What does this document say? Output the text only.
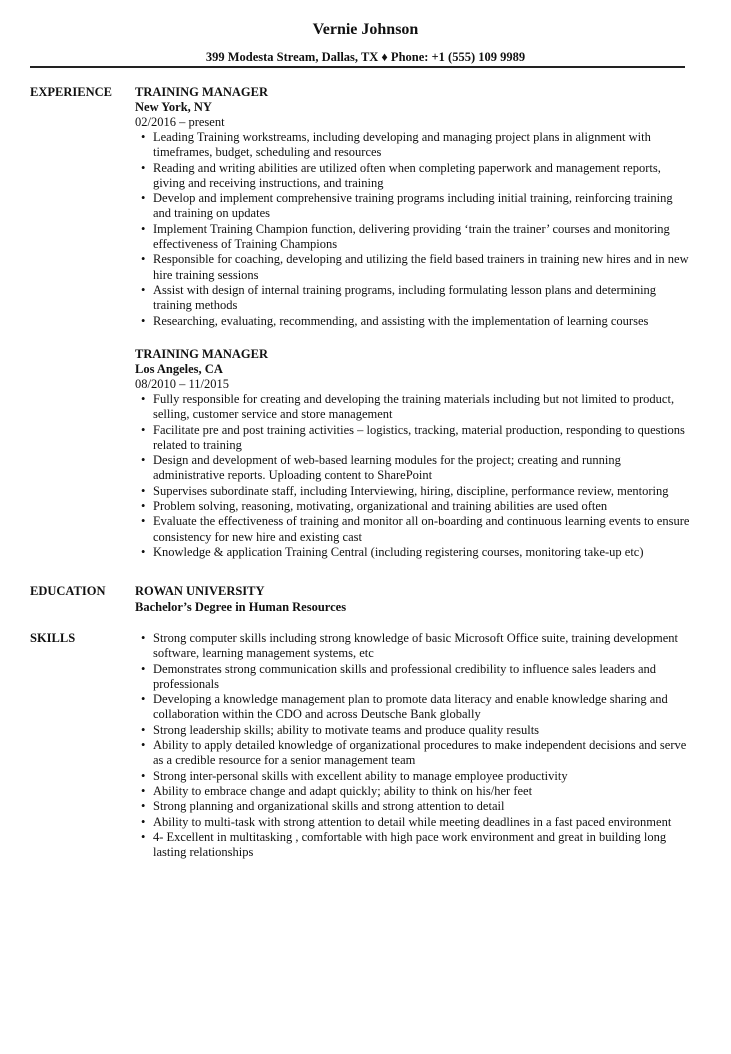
Vernie Johnson
399 Modesta Stream, Dallas, TX ♦ Phone: +1 (555) 109 9989
EXPERIENCE	TRAINING MANAGER
New York, NY
02/2016 – present
• Leading Training workstreams, including developing and managing project plans in alignment with timeframes, budget, scheduling and resources
• Reading and writing abilities are utilized often when completing paperwork and management reports, giving and receiving instructions, and training
• Develop and implement comprehensive training programs including initial training, reinforcing training and training on updates
• Implement Training Champion function, delivering providing ‘train the trainer’ courses and monitoring effectiveness of Training Champions
• Responsible for coaching, developing and utilizing the field based trainers in training new hires and in new hire training sessions
• Assist with design of internal training programs, including formulating lesson plans and determining training methods
• Researching, evaluating, recommending, and assisting with the implementation of learning courses
TRAINING MANAGER
Los Angeles, CA
08/2010 – 11/2015
• Fully responsible for creating and developing the training materials including but not limited to product, selling, customer service and store management
• Facilitate pre and post training activities – logistics, tracking, material production, responding to questions related to training
• Design and development of web-based learning modules for the project; creating and running administrative reports. Uploading content to SharePoint
• Supervises subordinate staff, including Interviewing, hiring, discipline, performance review, mentoring
• Problem solving, reasoning, motivating, organizational and training abilities are used often
• Evaluate the effectiveness of training and monitor all on-boarding and continuous learning events to ensure consistency for new hire and existing cast
• Knowledge & application Training Central (including registering courses, monitoring take-up etc)
EDUCATION	ROWAN UNIVERSITY
Bachelor’s Degree in Human Resources
SKILLS
•	Strong computer skills including strong knowledge of basic Microsoft Office suite, training development software, learning management systems, etc
• Demonstrates strong communication skills and professional credibility to influence sales leaders and professionals
• Developing a knowledge management plan to promote data literacy and enable knowledge sharing and collaboration within the CDO and across Deutsche Bank globally
• Strong leadership skills; ability to motivate teams and produce quality results
• Ability to apply detailed knowledge of organizational procedures to make independent decisions and serve as a credible resource for a senior management team
• Strong inter-personal skills with excellent ability to manage employee productivity
• Ability to embrace change and adapt quickly; ability to think on his/her feet
• Strong planning and organizational skills and strong attention to detail
• Ability to multi-task with strong attention to detail while meeting deadlines in a fast paced environment
• 4- Excellent in multitasking , comfortable with high pace work environment and great in building long lasting relationships
